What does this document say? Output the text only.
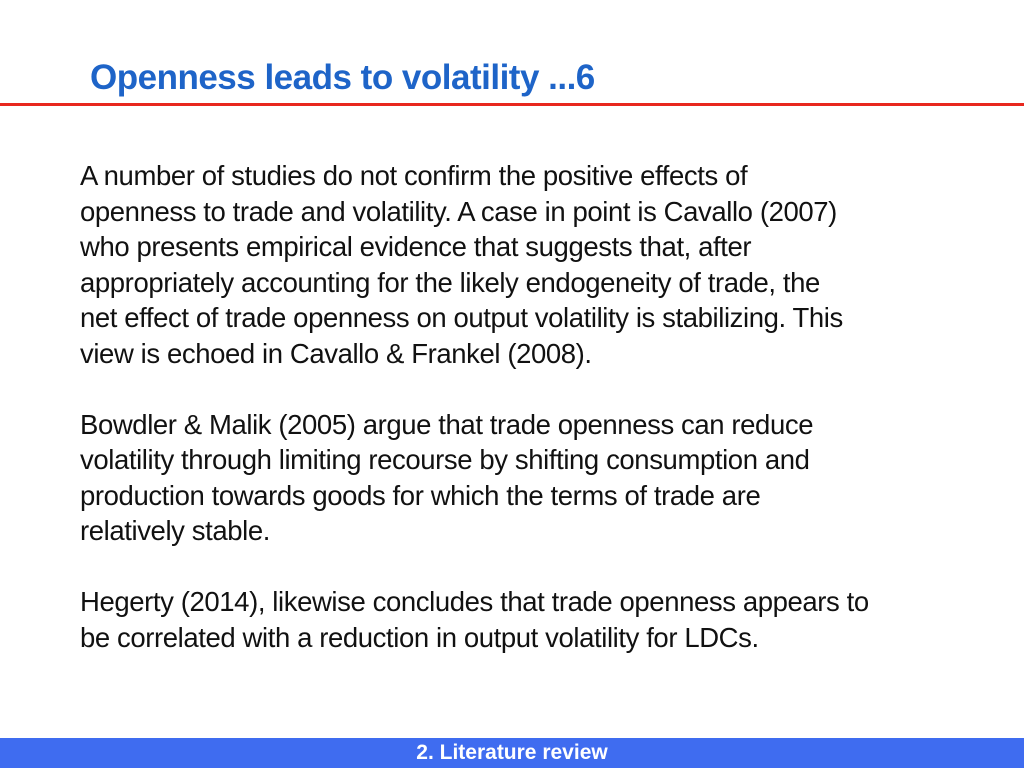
Openness leads to volatility ...6

A number of studies do not confirm the positive effects of
openness to trade and volatility. A case in point is Cavallo (2007)
who presents empirical evidence that suggests that, after
appropriately accounting for the likely endogeneity of trade, the
net effect of trade openness on output volatility is stabilizing. This
view is echoed in Cavallo & Frankel (2008).

Bowdler & Malik (2005) argue that trade openness can reduce
volatility through limiting recourse by shifting consumption and
production towards goods for which the terms of trade are
relatively stable.

Hegerty (2014), likewise concludes that trade openness appears to
be correlated with a reduction in output volatility for LDCs.

2. Literature review
